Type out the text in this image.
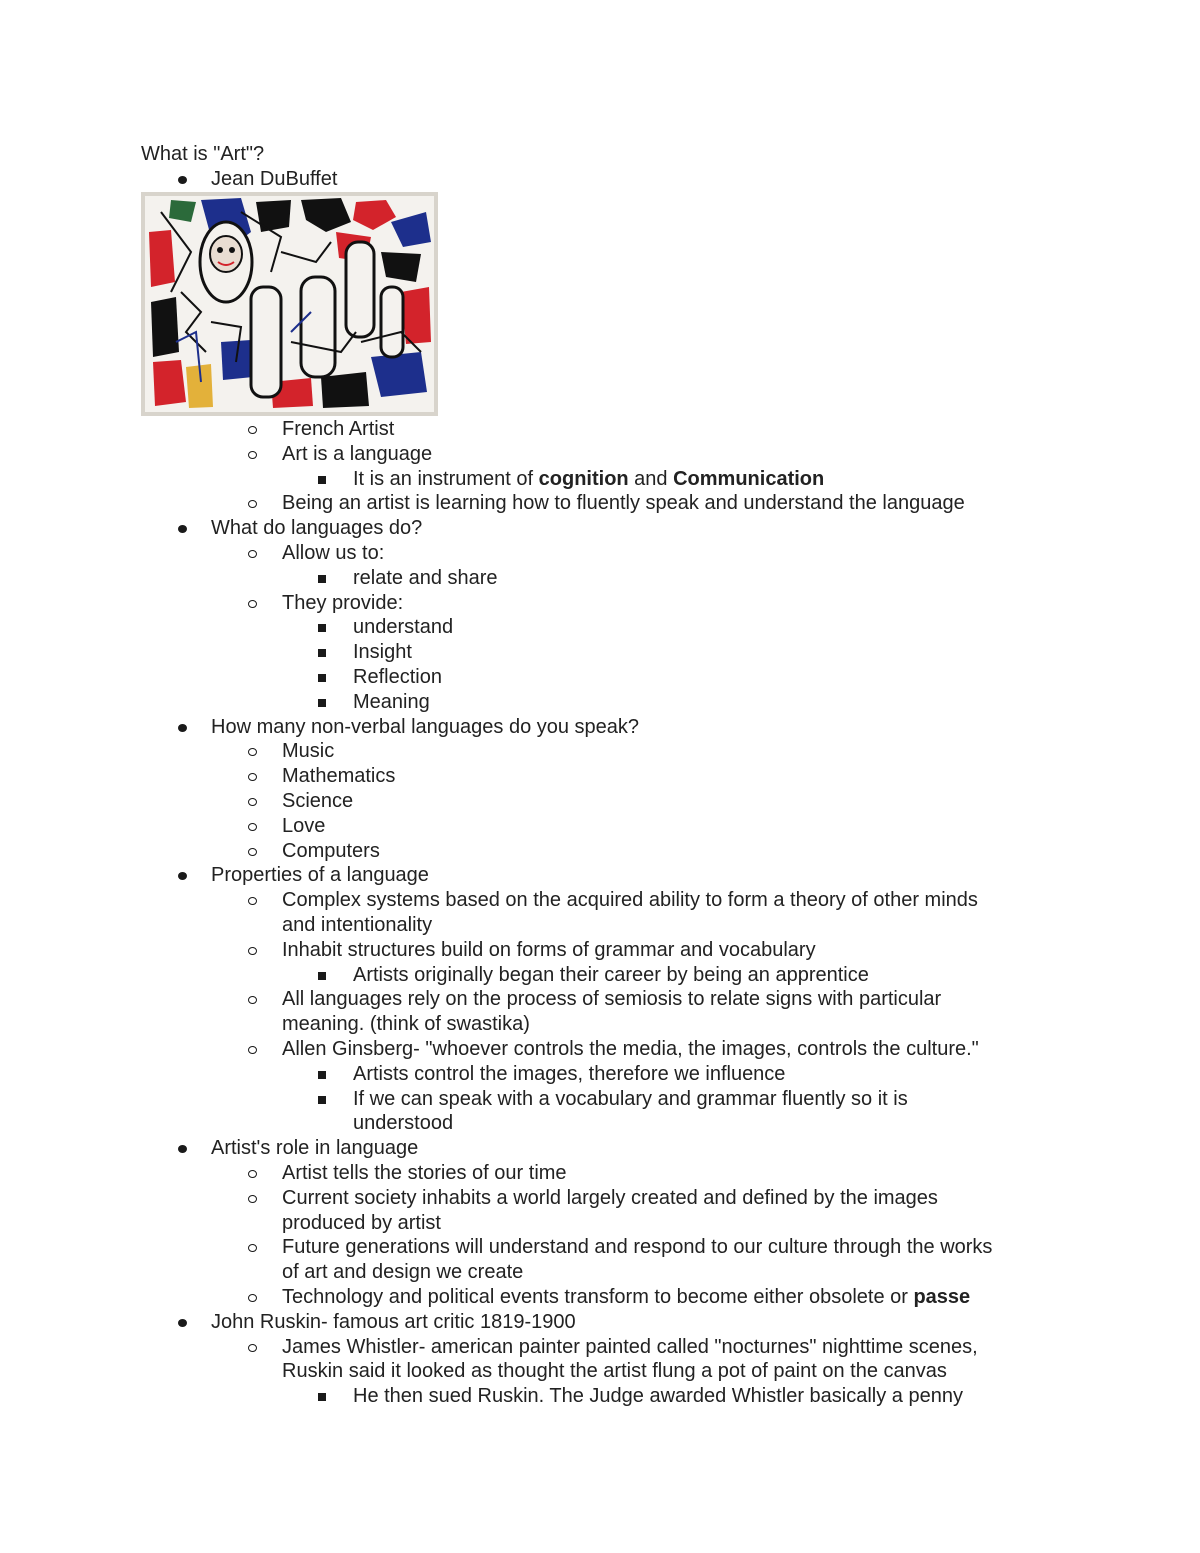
What is "Art"?
Jean DuBuffet
French Artist
Art is a language
It is an instrument of cognition and Communication
Being an artist is learning how to fluently speak and understand the language
What do languages do?
Allow us to:
relate and share
They provide:
understand
Insight
Reflection
Meaning
How many non-verbal languages do you speak?
Music
Mathematics
Science
Love
Computers
Properties of a language
Complex systems based on the acquired ability to form a theory of other minds
and intentionality
Inhabit structures build on forms of grammar and vocabulary
Artists originally began their career by being an apprentice
All languages rely on the process of semiosis to relate signs with particular
meaning. (think of swastika)
Allen Ginsberg- "whoever controls the media, the images, controls the culture."
Artists control the images, therefore we influence
If we can speak with a vocabulary and grammar fluently so it is
understood
Artist's role in language
Artist tells the stories of our time
Current society inhabits a world largely created and defined by the images
produced by artist
Future generations will understand and respond to our culture through the works
of art and design we create
Technology and political events transform to become either obsolete or passe
John Ruskin- famous art critic 1819-1900
James Whistler- american painter painted called "nocturnes" nighttime scenes,
Ruskin said it looked as thought the artist flung a pot of paint on the canvas
He then sued Ruskin. The Judge awarded Whistler basically a penny
